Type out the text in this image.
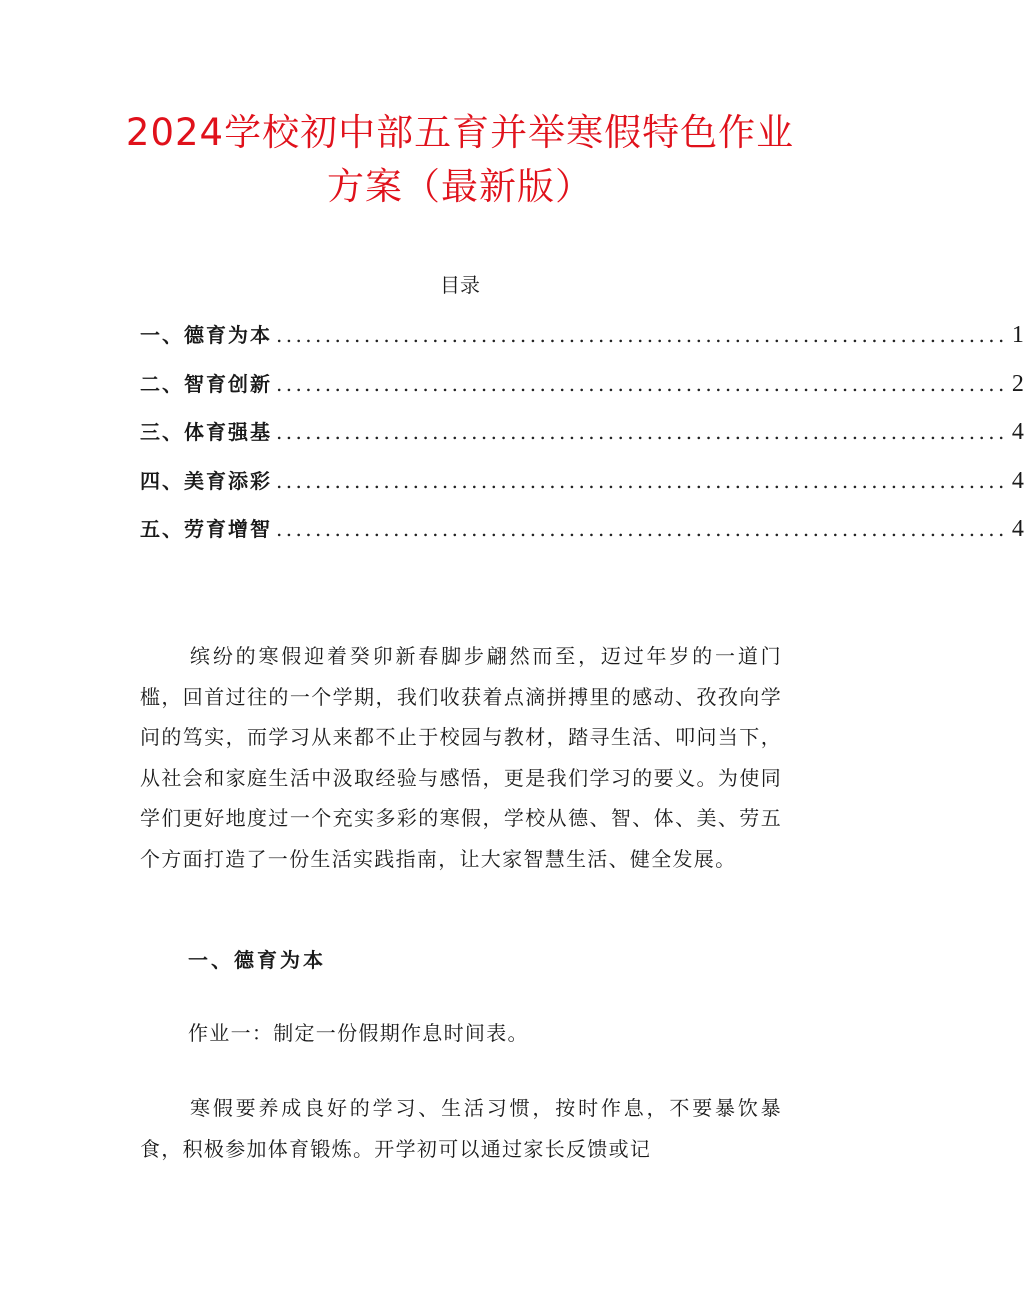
2024学校初中部五育并举寒假特色作业
方案（最新版）
目录
一、德育为本 ........................................................................... 1
二、智育创新 ........................................................................... 2
三、体育强基 ........................................................................... 4
四、美育添彩 ........................................................................... 4
五、劳育增智 ........................................................................... 4
缤纷的寒假迎着癸卯新春脚步翩然而至，迈过年岁的一道门槛，回首过往的一个学期，我们收获着点滴拼搏里的感动、孜孜向学问的笃实，而学习从来都不止于校园与教材，踏寻生活、叩问当下，从社会和家庭生活中汲取经验与感悟，更是我们学习的要义。为使同学们更好地度过一个充实多彩的寒假，学校从德、智、体、美、劳五个方面打造了一份生活实践指南，让大家智慧生活、健全发展。
一、德育为本
作业一：制定一份假期作息时间表。
寒假要养成良好的学习、生活习惯，按时作息，不要暴饮暴食，积极参加体育锻炼。开学初可以通过家长反馈或记
